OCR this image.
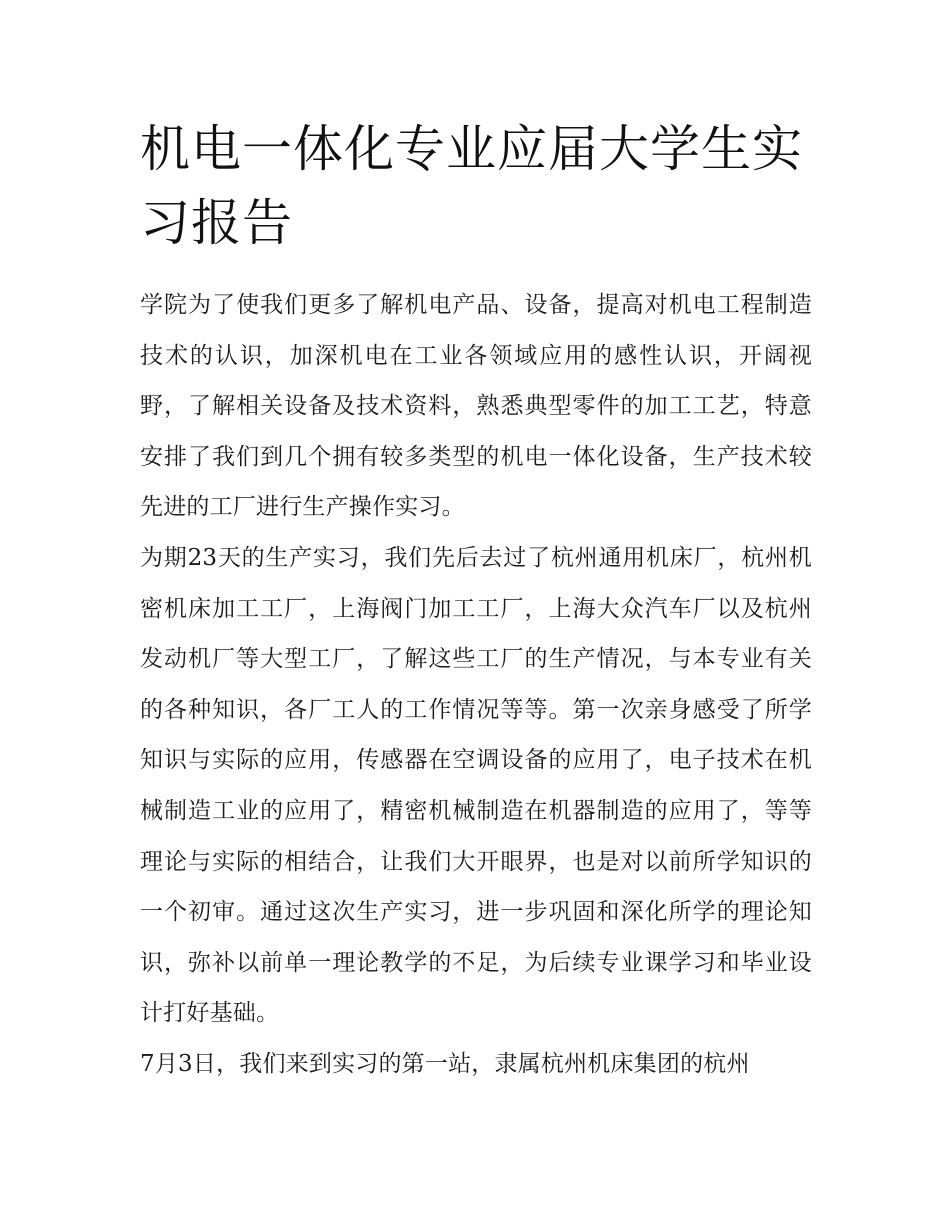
机电一体化专业应届大学生实习报告

学院为了使我们更多了解机电产品、设备，提高对机电工程制造技术的认识，加深机电在工业各领域应用的感性认识，开阔视野，了解相关设备及技术资料，熟悉典型零件的加工工艺，特意安排了我们到几个拥有较多类型的机电一体化设备，生产技术较先进的工厂进行生产操作实习。

为期23天的生产实习，我们先后去过了杭州通用机床厂，杭州机密机床加工工厂，上海阀门加工工厂，上海大众汽车厂以及杭州发动机厂等大型工厂，了解这些工厂的生产情况，与本专业有关的各种知识，各厂工人的工作情况等等。第一次亲身感受了所学知识与实际的应用，传感器在空调设备的应用了，电子技术在机械制造工业的应用了，精密机械制造在机器制造的应用了，等等理论与实际的相结合，让我们大开眼界，也是对以前所学知识的一个初审。通过这次生产实习，进一步巩固和深化所学的理论知识，弥补以前单一理论教学的不足，为后续专业课学习和毕业设计打好基础。

7月3日，我们来到实习的第一站，隶属杭州机床集团的杭州
